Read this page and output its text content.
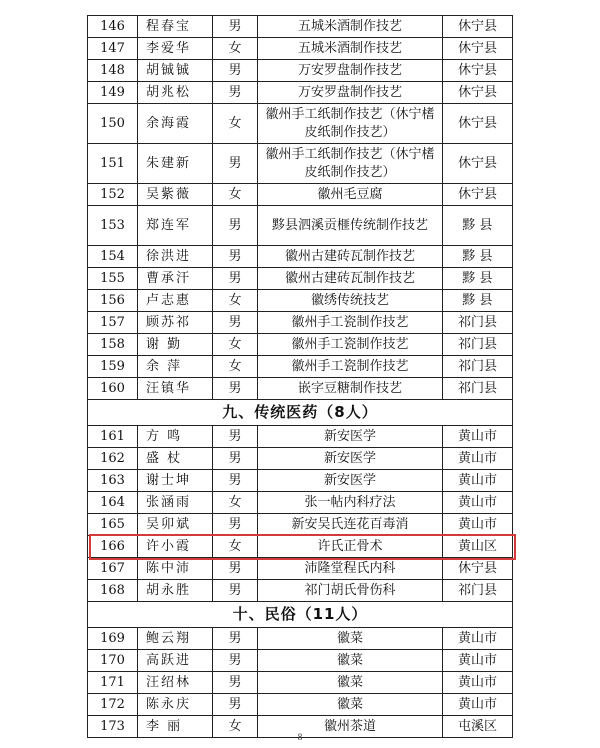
146	程春宝	男	五城米酒制作技艺	休宁县
147	李爱华	女	五城米酒制作技艺	休宁县
148	胡铖铖	男	万安罗盘制作技艺	休宁县
149	胡兆松	男	万安罗盘制作技艺	休宁县
150	余海霞	女	徽州手工纸制作技艺（休宁榰皮纸制作技艺）	休宁县
151	朱建新	男	徽州手工纸制作技艺（休宁榰皮纸制作技艺）	休宁县
152	吴紫薇	女	徽州毛豆腐	休宁县
153	郑连军	男	黟县泗溪贡榧传统制作技艺	黟 县
154	徐洪进	男	徽州古建砖瓦制作技艺	黟 县
155	曹承汗	男	徽州古建砖瓦制作技艺	黟 县
156	卢志惠	女	徽绣传统技艺	黟 县
157	顾苏祁	男	徽州手工瓷制作技艺	祁门县
158	谢 勤	女	徽州手工瓷制作技艺	祁门县
159	余 萍	女	徽州手工瓷制作技艺	祁门县
160	汪镇华	男	嵌字豆糖制作技艺	祁门县
九、传统医药（8人）				
161	方 鸣	男	新安医学	黄山市
162	盛 杖	男	新安医学	黄山市
163	谢士坤	男	新安医学	黄山市
164	张涵雨	女	张一帖内科疗法	黄山市
165	吴卯斌	男	新安吴氏连花百毒消	黄山市
166	许小霞	女	许氏正骨术	黄山区
167	陈中沛	男	沛隆堂程氏内科	休宁县
168	胡永胜	男	祁门胡氏骨伤科	祁门县
十、民俗（11人）				
169	鲍云翔	男	徽菜	黄山市
170	高跃进	男	徽菜	黄山市
171	汪绍林	男	徽菜	黄山市
172	陈永庆	男	徽菜	黄山市
173	李 丽	女	徽州茶道	屯溪区
8
